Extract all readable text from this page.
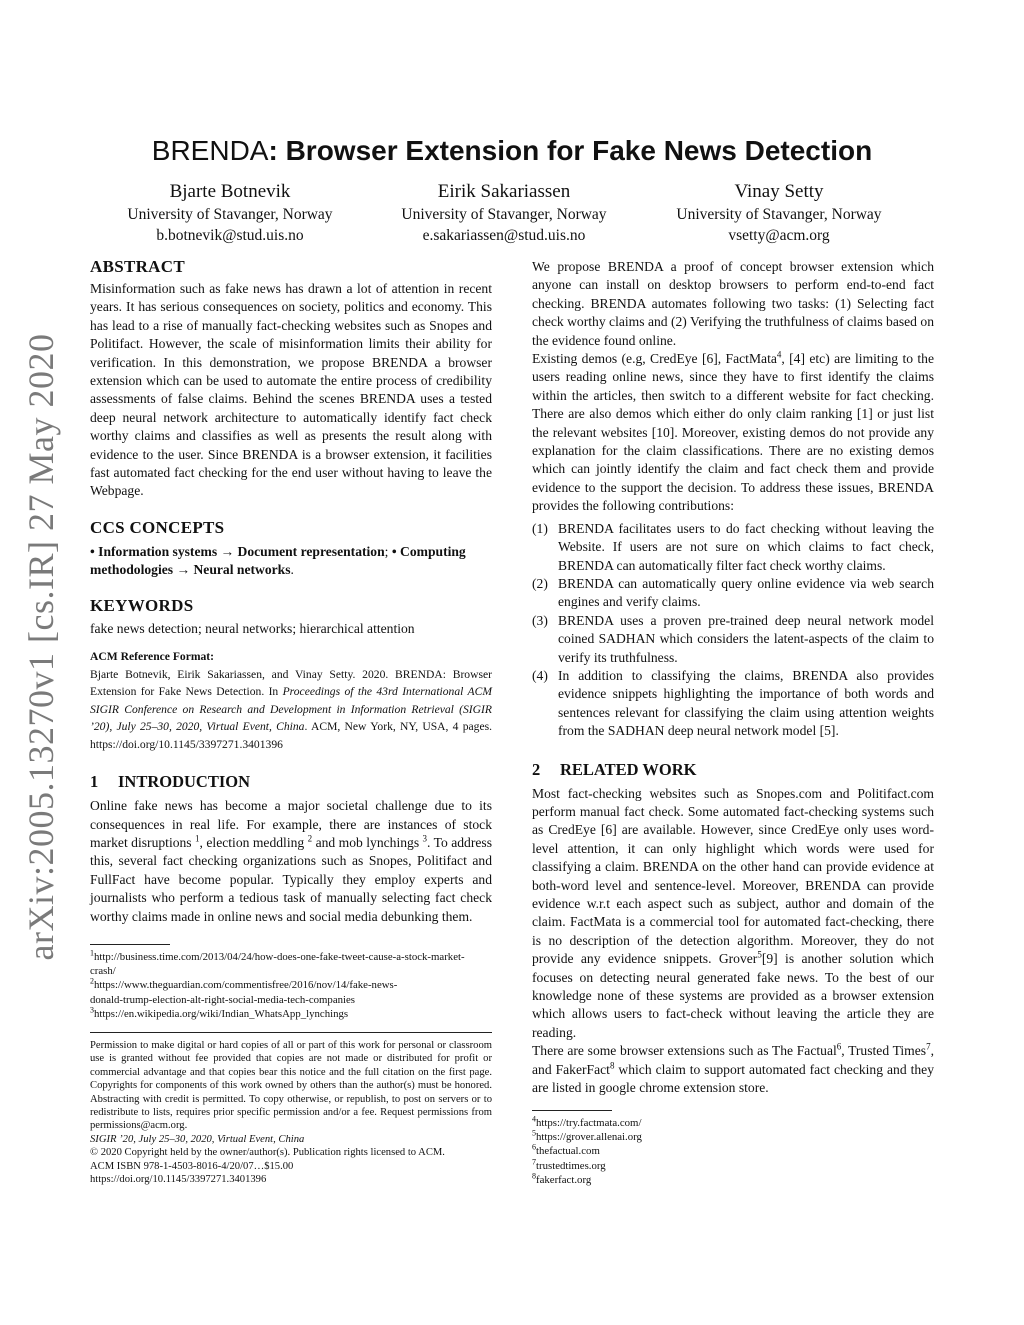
BRENDA: Browser Extension for Fake News Detection
Bjarte Botnevik
University of Stavanger, Norway
b.botnevik@stud.uis.no
Eirik Sakariassen
University of Stavanger, Norway
e.sakariassen@stud.uis.no
Vinay Setty
University of Stavanger, Norway
vsetty@acm.org
arXiv:2005.13270v1 [cs.IR] 27 May 2020
ABSTRACT

Misinformation such as fake news has drawn a lot of attention in recent years. It has serious consequences on society, politics and economy. This has lead to a rise of manually fact-checking websites such as Snopes and Politifact. However, the scale of misinformation limits their ability for verification. In this demonstration, we propose BRENDA a browser extension which can be used to automate the entire process of credibility assessments of false claims. Behind the scenes BRENDA uses a tested deep neural network architecture to automatically identify fact check worthy claims and classifies as well as presents the result along with evidence to the user. Since BRENDA is a browser extension, it facilities fast automated fact checking for the end user without having to leave the Webpage.

CCS CONCEPTS

• Information systems → Document representation; • Computing methodologies → Neural networks.

KEYWORDS

fake news detection; neural networks; hierarchical attention

ACM Reference Format:
Bjarte Botnevik, Eirik Sakariassen, and Vinay Setty. 2020. BRENDA: Browser Extension for Fake News Detection. In Proceedings of the 43rd International ACM SIGIR Conference on Research and Development in Information Retrieval (SIGIR ’20), July 25–30, 2020, Virtual Event, China. ACM, New York, NY, USA, 4 pages. https://doi.org/10.1145/3397271.3401396

1 INTRODUCTION

Online fake news has become a major societal challenge due to its consequences in real life. For example, there are instances of stock market disruptions $^1$, election meddling $^2$ and mob lynchings $^3$. To address this, several fact checking organizations such as Snopes, Politifact and FullFact have become popular. Typically they employ experts and journalists who perform a tedious task of manually selecting fact check worthy claims made in online news and social media debunking them.

$^1$http://business.time.com/2013/04/24/how-does-one-fake-tweet-cause-a-stock-market-crash/
$^2$https://www.theguardian.com/commentisfree/2016/nov/14/fake-news-donald-trump-election-alt-right-social-media-tech-companies
$^3$https://en.wikipedia.org/wiki/Indian_WhatsApp_lynchings

Permission to make digital or hard copies of all or part of this work for personal or classroom use is granted without fee provided that copies are not made or distributed for profit or commercial advantage and that copies bear this notice and the full citation on the first page. Copyrights for components of this work owned by others than the author(s) must be honored. Abstracting with credit is permitted. To copy otherwise, or republish, to post on servers or to redistribute to lists, requires prior specific permission and/or a fee. Request permissions from permissions@acm.org.

SIGIR ’20, July 25–30, 2020, Virtual Event, China

© 2020 Copyright held by the owner/author(s). Publication rights licensed to ACM.

ACM ISBN 978-1-4503-8016-4/20/07…$15.00

https://doi.org/10.1145/3397271.3401396

We propose BRENDA a proof of concept browser extension which anyone can install on desktop browsers to perform end-to-end fact checking. BRENDA automates following two tasks: (1) Selecting fact check worthy claims and (2) Verifying the truthfulness of claims based on the evidence found online.

Existing demos (e.g, CredEye [6], FactMata$^4$, [4] etc) are limiting to the users reading online news, since they have to first identify the claims within the articles, then switch to a different website for fact checking. There are also demos which either do only claim ranking [1] or just list the relevant websites [10]. Moreover, existing demos do not provide any explanation for the claim classifications. There are no existing demos which can jointly identify the claim and fact check them and provide evidence to the support the decision. To address these issues, BRENDA provides the following contributions:

(1) BRENDA facilitates users to do fact checking without leaving the Website. If users are not sure on which claims to fact check, BRENDA can automatically filter fact check worthy claims.
(2) BRENDA can automatically query online evidence via web search engines and verify claims.
(3) BRENDA uses a proven pre-trained deep neural network model coined SADHAN which considers the latent-aspects of the claim to verify its truthfulness.
(4) In addition to classifying the claims, BRENDA also provides evidence snippets highlighting the importance of both words and sentences relevant for classifying the claim using attention weights from the SADHAN deep neural network model [5].
2 RELATED WORK

Most fact-checking websites such as Snopes.com and Politifact.com perform manual fact check. Some automated fact-checking systems such as CredEye [6] are available. However, since CredEye only uses word-level attention, it can only highlight which words were used for classifying a claim. BRENDA on the other hand can provide evidence at both-word level and sentence-level. Moreover, BRENDA can provide evidence w.r.t each aspect such as subject, author and domain of the claim. FactMata is a commercial tool for automated fact-checking, there is no description of the detection algorithm. Moreover, they do not provide any evidence snippets. Grover$^5$[9] is another solution which focuses on detecting neural generated fake news. To the best of our knowledge none of these systems are provided as a browser extension which allows users to fact-check without leaving the article they are reading.

There are some browser extensions such as The Factual$^6$, Trusted Times$^7$, and FakerFact$^8$ which claim to support automated fact checking and they are listed in google chrome extension store.

$^4$https://try.factmata.com/
$^5$https://grover.allenai.org
$^6$thefactual.com
$^7$trustedtimes.org
$^8$fakerfact.org
